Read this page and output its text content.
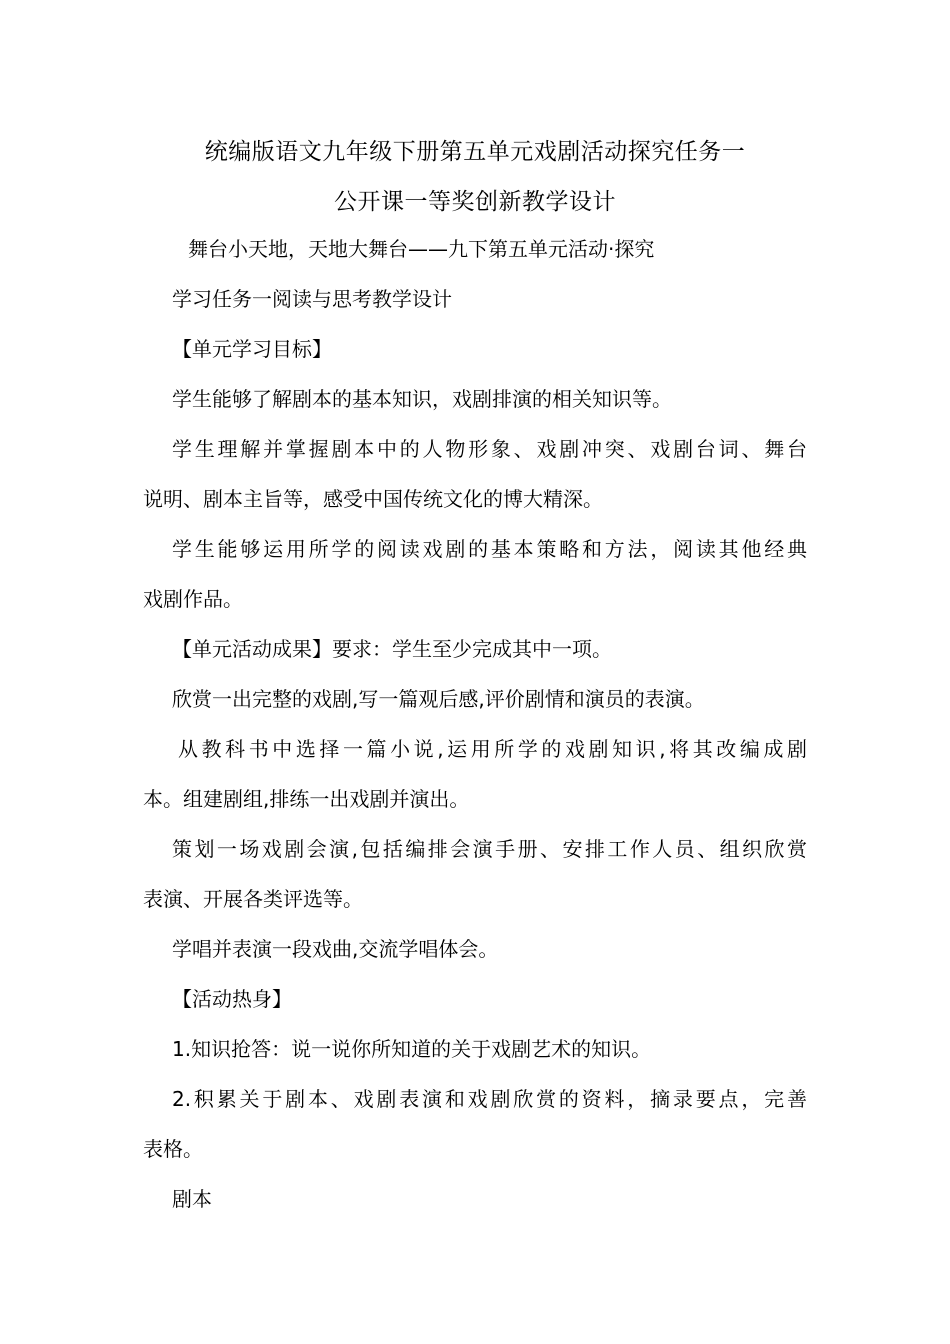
统编版语文九年级下册第五单元戏剧活动探究任务一
公开课一等奖创新教学设计
舞台小天地，天地大舞台——九下第五单元活动·探究
学习任务一阅读与思考教学设计
【单元学习目标】
学生能够了解剧本的基本知识，戏剧排演的相关知识等。
学生理解并掌握剧本中的人物形象、戏剧冲突、戏剧台词、舞台
说明、剧本主旨等，感受中国传统文化的博大精深。
学生能够运用所学的阅读戏剧的基本策略和方法，阅读其他经典
戏剧作品。
【单元活动成果】要求：学生至少完成其中一项。
欣赏一出完整的戏剧,写一篇观后感,评价剧情和演员的表演。
从教科书中选择一篇小说,运用所学的戏剧知识,将其改编成剧
本。组建剧组,排练一出戏剧并演出。
策划一场戏剧会演,包括编排会演手册、安排工作人员、组织欣赏
表演、开展各类评选等。
学唱并表演一段戏曲,交流学唱体会。
【活动热身】
1.知识抢答：说一说你所知道的关于戏剧艺术的知识。
2.积累关于剧本、戏剧表演和戏剧欣赏的资料，摘录要点，完善
表格。
剧本
